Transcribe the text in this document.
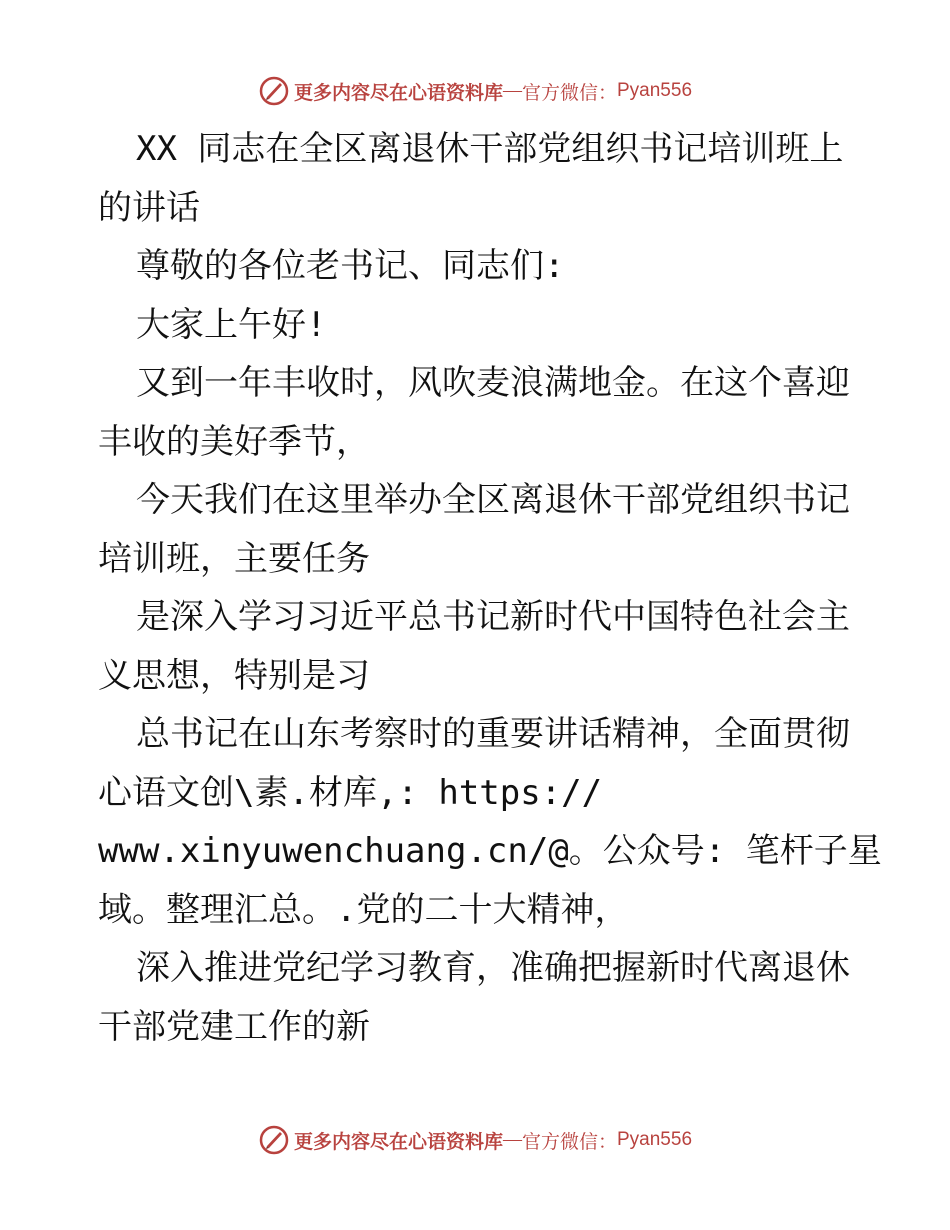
更多内容尽在心语资料库 — 官方微信： Pyan556
XX 同志在全区离退休干部党组织书记培训班上
的讲话
尊敬的各位老书记、同志们:
大家上午好!
又到一年丰收时，风吹麦浪满地金。在这个喜迎
丰收的美好季节，
今天我们在这里举办全区离退休干部党组织书记
培训班，主要任务
是深入学习习近平总书记新时代中国特色社会主
义思想，特别是习
总书记在山东考察时的重要讲话精神，全面贯彻
心语文创\素.材库,: https://
www.xinyuwenchuang.cn/@。公众号: 笔杆子星
域。整理汇总。.党的二十大精神，
深入推进党纪学习教育，准确把握新时代离退休
干部党建工作的新
更多内容尽在心语资料库 — 官方微信： Pyan556
